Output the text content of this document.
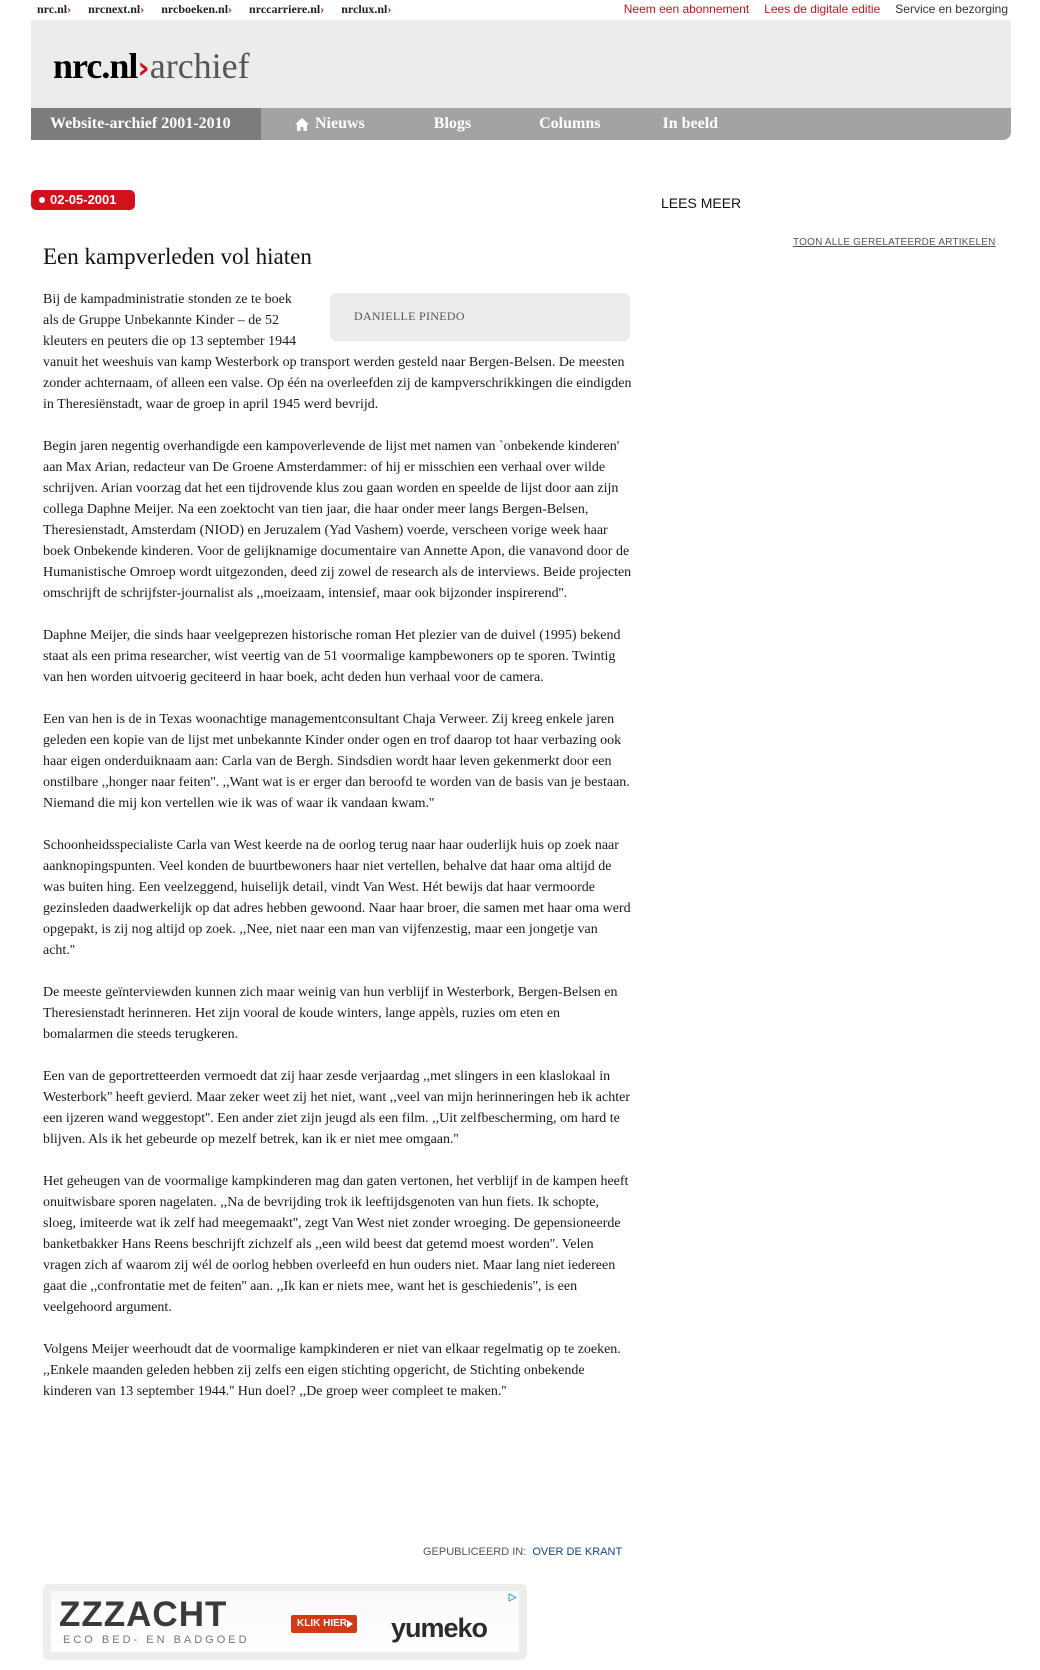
nrc.nl› nrcnext.nl› nrcboeken.nl› nrccarriere.nl› nrclux.nl›	Neem een abonnement Lees de digitale editie Service en bezorging
nrc.nl›archief
Website-archief 2001-2010	Nieuws	Blogs	Columns	In beeld
02-05-2001
Een kampverleden vol hiaten
DANIELLE PINEDO

Bij de kampadministratie stonden ze te boek als de Gruppe Unbekannte Kinder – de 52 kleuters en peuters die op 13 september 1944 vanuit het weeshuis van kamp Westerbork op transport werden gesteld naar Bergen-Belsen. De meesten zonder achternaam, of alleen een valse. Op één na overleefden zij de kampverschrikkingen die eindigden in Theresiënstadt, waar de groep in april 1945 werd bevrijd.

Begin jaren negentig overhandigde een kampoverlevende de lijst met namen van `onbekende kinderen' aan Max Arian, redacteur van De Groene Amsterdammer: of hij er misschien een verhaal over wilde schrijven. Arian voorzag dat het een tijdrovende klus zou gaan worden en speelde de lijst door aan zijn collega Daphne Meijer. Na een zoektocht van tien jaar, die haar onder meer langs Bergen-Belsen, Theresienstadt, Amsterdam (NIOD) en Jeruzalem (Yad Vashem) voerde, verscheen vorige week haar boek Onbekende kinderen. Voor de gelijknamige documentaire van Annette Apon, die vanavond door de Humanistische Omroep wordt uitgezonden, deed zij zowel de research als de interviews. Beide projecten omschrijft de schrijfster-journalist als ,,moeizaam, intensief, maar ook bijzonder inspirerend''.

Daphne Meijer, die sinds haar veelgeprezen historische roman Het plezier van de duivel (1995) bekend staat als een prima researcher, wist veertig van de 51 voormalige kampbewoners op te sporen. Twintig van hen worden uitvoerig geciteerd in haar boek, acht deden hun verhaal voor de camera.

Een van hen is de in Texas woonachtige managementconsultant Chaja Verweer. Zij kreeg enkele jaren geleden een kopie van de lijst met unbekannte Kinder onder ogen en trof daarop tot haar verbazing ook haar eigen onderduiknaam aan: Carla van de Bergh. Sindsdien wordt haar leven gekenmerkt door een onstilbare ,,honger naar feiten''. ,,Want wat is er erger dan beroofd te worden van de basis van je bestaan. Niemand die mij kon vertellen wie ik was of waar ik vandaan kwam.''

Schoonheidsspecialiste Carla van West keerde na de oorlog terug naar haar ouderlijk huis op zoek naar aanknopingspunten. Veel konden de buurtbewoners haar niet vertellen, behalve dat haar oma altijd de was buiten hing. Een veelzeggend, huiselijk detail, vindt Van West. Hét bewijs dat haar vermoorde gezinsleden daadwerkelijk op dat adres hebben gewoond. Naar haar broer, die samen met haar oma werd opgepakt, is zij nog altijd op zoek. ,,Nee, niet naar een man van vijfenzestig, maar een jongetje van acht.''

De meeste geïnterviewden kunnen zich maar weinig van hun verblijf in Westerbork, Bergen-Belsen en Theresienstadt herinneren. Het zijn vooral de koude winters, lange appèls, ruzies om eten en bomalarmen die steeds terugkeren.

Een van de geportretteerden vermoedt dat zij haar zesde verjaardag ,,met slingers in een klaslokaal in Westerbork'' heeft gevierd. Maar zeker weet zij het niet, want ,,veel van mijn herinneringen heb ik achter een ijzeren wand weggestopt''. Een ander ziet zijn jeugd als een film. ,,Uit zelfbescherming, om hard te blijven. Als ik het gebeurde op mezelf betrek, kan ik er niet mee omgaan.''

Het geheugen van de voormalige kampkinderen mag dan gaten vertonen, het verblijf in de kampen heeft onuitwisbare sporen nagelaten. ,,Na de bevrijding trok ik leeftijdsgenoten van hun fiets. Ik schopte, sloeg, imiteerde wat ik zelf had meegemaakt'', zegt Van West niet zonder wroeging. De gepensioneerde banketbakker Hans Reens beschrijft zichzelf als ,,een wild beest dat getemd moest worden''. Velen vragen zich af waarom zij wél de oorlog hebben overleefd en hun ouders niet. Maar lang niet iedereen gaat die ,,confrontatie met de feiten'' aan. ,,Ik kan er niets mee, want het is geschiedenis'', is een veelgehoord argument.

Volgens Meijer weerhoudt dat de voormalige kampkinderen er niet van elkaar regelmatig op te zoeken. ,,Enkele maanden geleden hebben zij zelfs een eigen stichting opgericht, de Stichting onbekende kinderen van 13 september 1944.'' Hun doel? ,,De groep weer compleet te maken.''

LEES MEER
TOON ALLE GERELATEERDE ARTIKELEN
GEPUBLICEERD IN: OVER DE KRANT
ZZZACHT
ECO BED- EN BADGOED
KLIK HIER	yumeko
